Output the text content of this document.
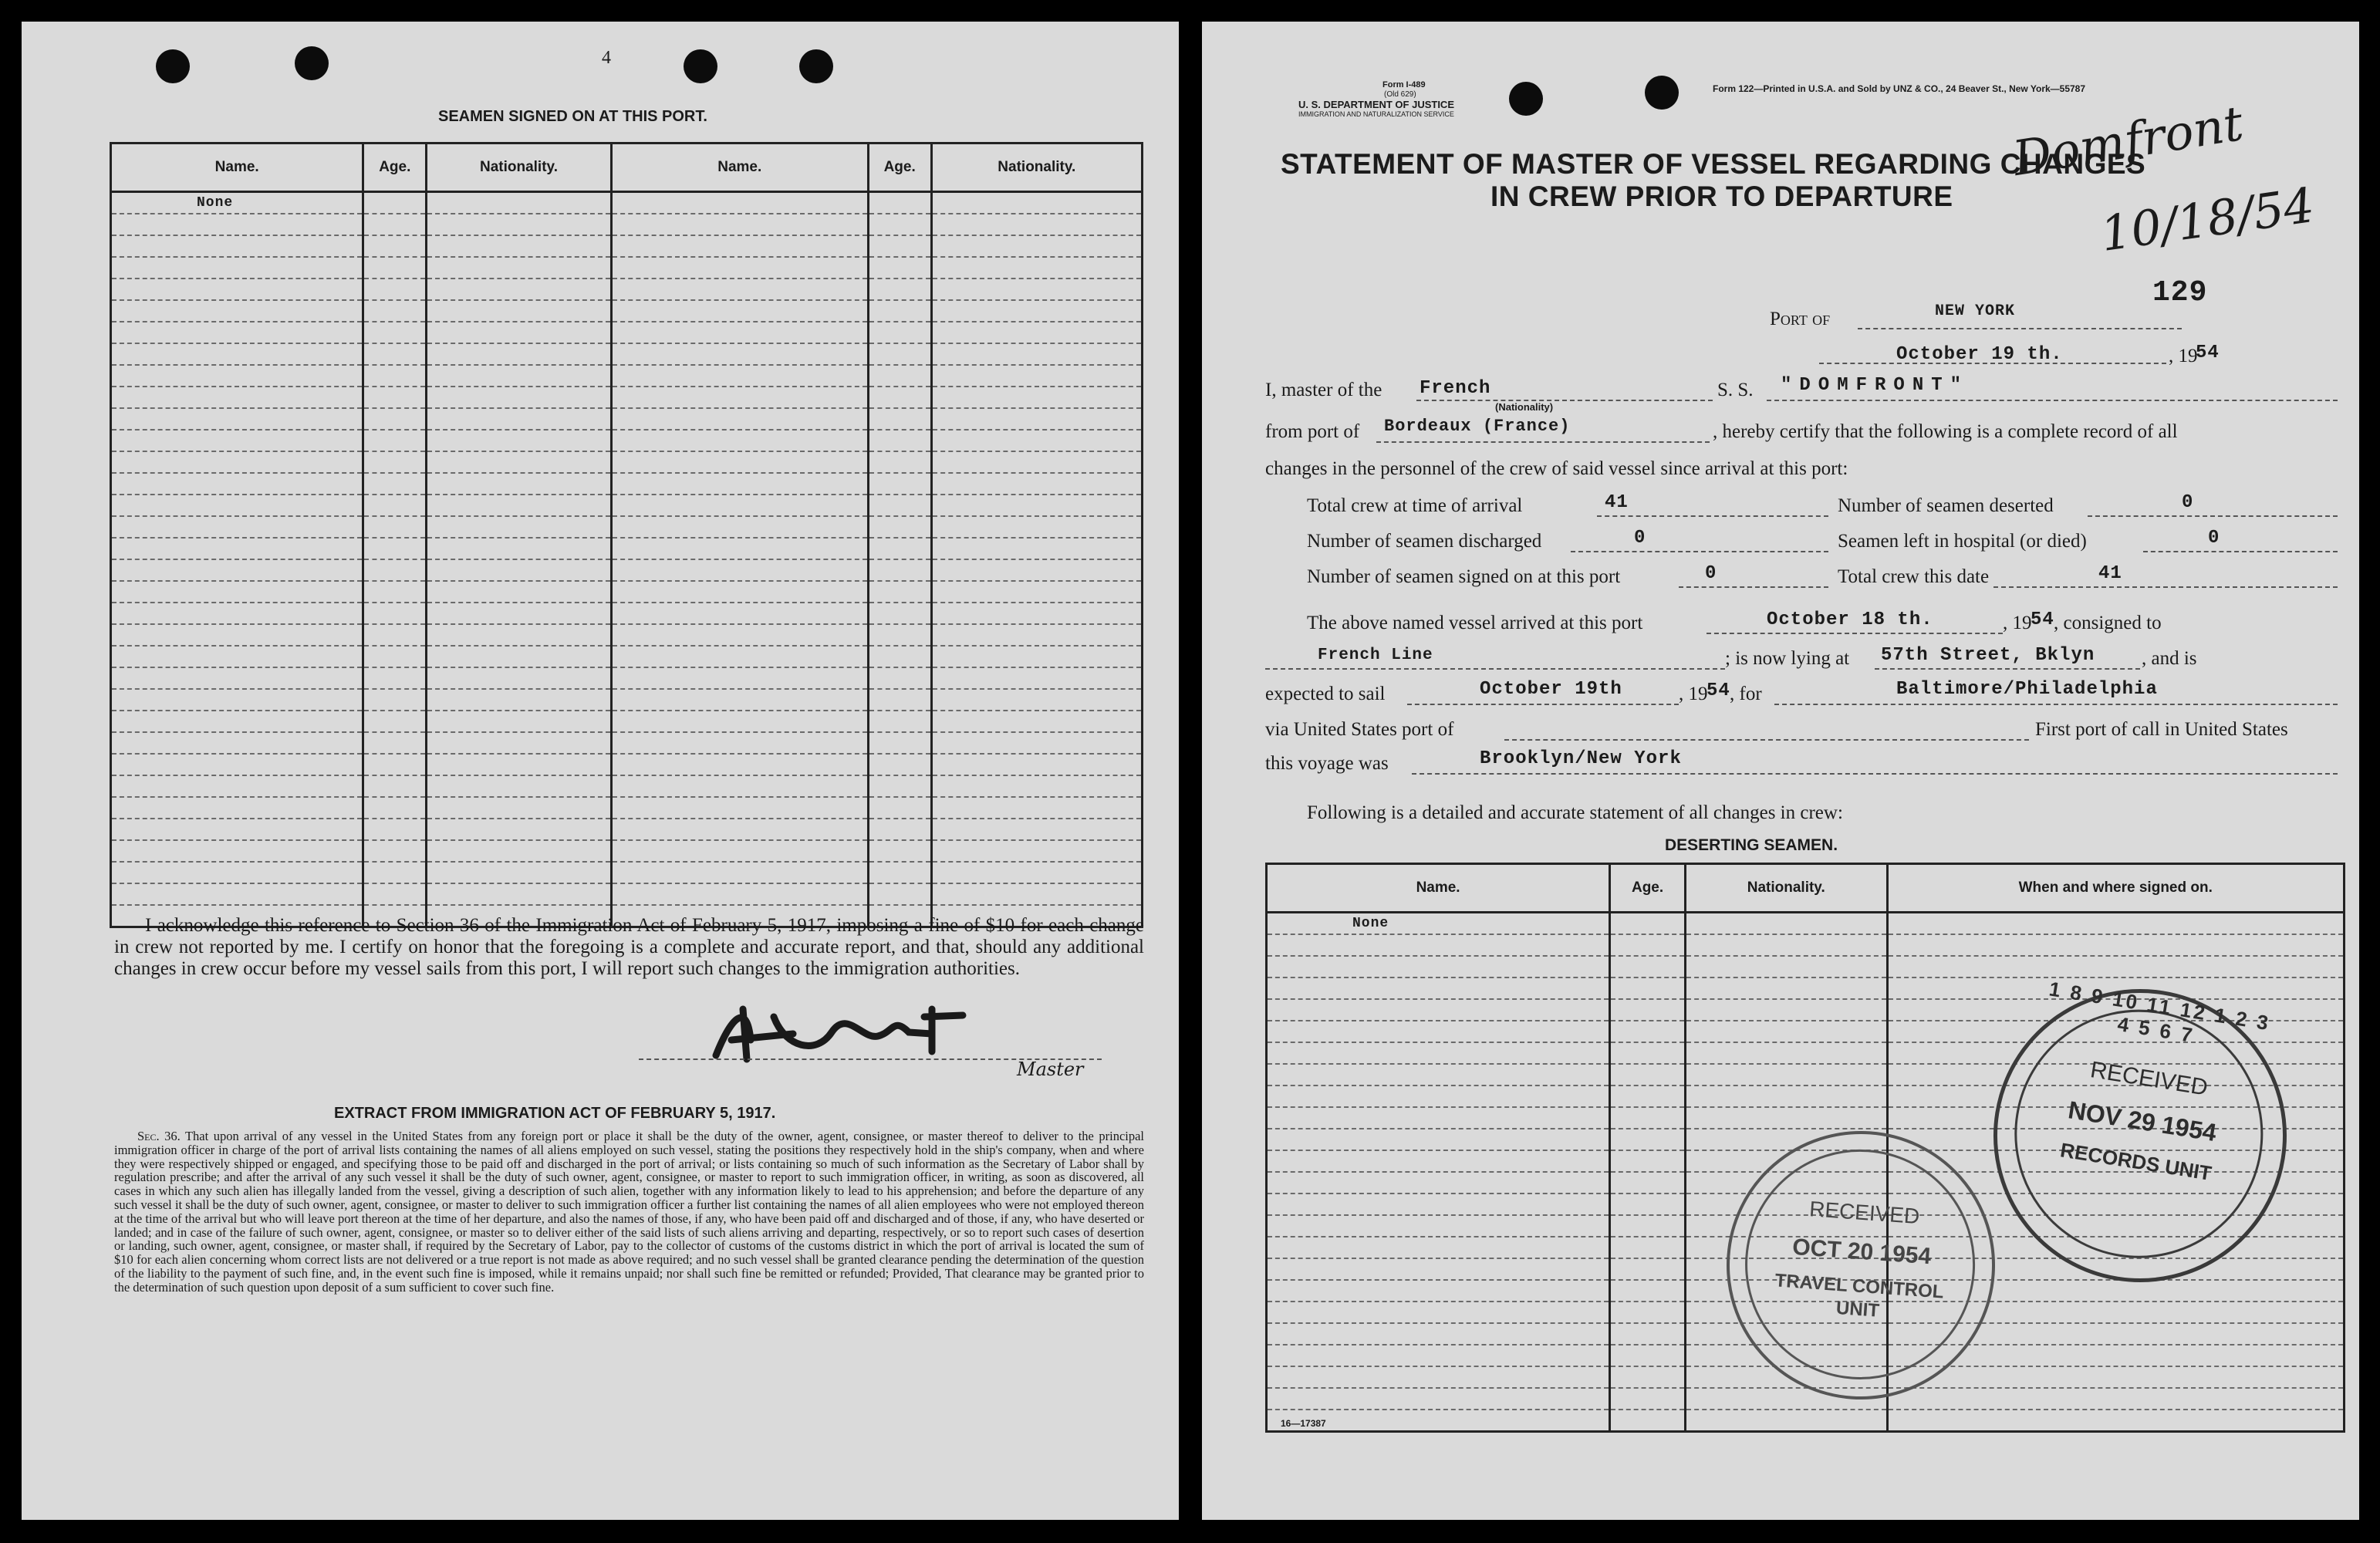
4
SEAMEN SIGNED ON AT THIS PORT.
Name.	Age.	Nationality.	Name.	Age.	Nationality.
None					

I acknowledge this reference to Section 36 of the Immigration Act of February 5, 1917, imposing a fine of $10 for each change in crew not reported by me. I certify on honor that the foregoing is a complete and accurate report, and that, should any additional changes in crew occur before my vessel sails from this port, I will report such changes to the immigration authorities.
Master
EXTRACT FROM IMMIGRATION ACT OF FEBRUARY 5, 1917.
Sec. 36. That upon arrival of any vessel in the United States from any foreign port or place it shall be the duty of the owner, agent, consignee, or master thereof to deliver to the principal immigration officer in charge of the port of arrival lists containing the names of all aliens employed on such vessel, stating the positions they respectively hold in the ship's company, when and where they were respectively shipped or engaged, and specifying those to be paid off and discharged in the port of arrival; or lists containing so much of such information as the Secretary of Labor shall by regulation prescribe; and after the arrival of any such vessel it shall be the duty of such owner, agent, consignee, or master to report to such immigration officer, in writing, as soon as discovered, all cases in which any such alien has illegally landed from the vessel, giving a description of such alien, together with any information likely to lead to his apprehension; and before the departure of any such vessel it shall be the duty of such owner, agent, consignee, or master to deliver to such immigration officer a further list containing the names of all alien employees who were not employed thereon at the time of the arrival but who will leave port thereon at the time of her departure, and also the names of those, if any, who have been paid off and discharged and of those, if any, who have deserted or landed; and in case of the failure of such owner, agent, consignee, or master so to deliver either of the said lists of such aliens arriving and departing, respectively, or so to report such cases of desertion or landing, such owner, agent, consignee, or master shall, if required by the Secretary of Labor, pay to the collector of customs of the customs district in which the port of arrival is located the sum of $10 for each alien concerning whom correct lists are not delivered or a true report is not made as above required; and no such vessel shall be granted clearance pending the determination of the question of the liability to the payment of such fine, and, in the event such fine is imposed, while it remains unpaid; nor shall such fine be remitted or refunded; Provided, That clearance may be granted prior to the determination of such question upon deposit of a sum sufficient to cover such fine.
Form I-489
(Old 629)
U. S. DEPARTMENT OF JUSTICE
IMMIGRATION AND NATURALIZATION SERVICE
Form 122—Printed in U.S.A. and Sold by UNZ & CO., 24 Beaver St., New York—55787
STATEMENT OF MASTER OF VESSEL REGARDING CHANGES
IN CREW PRIOR TO DEPARTURE
Domfront
10/18/54
129
Port of	NEW YORK
October 19 th.	, 19
54
I, master of the French
(Nationality)
S. S. "DOMFRONT"
from port of Bordeaux (France)	, hereby certify that the following is a complete record of all
changes in the personnel of the crew of said vessel since arrival at this port:
Total crew at time of arrival	41	Number of seamen deserted	0
Number of seamen discharged	0	Seamen left in hospital (or died)	0
Number of seamen signed on at this port	0	Total crew this date	41
The above named vessel arrived at this port	October 18 th.	, 19
54 , consigned to
French Line	; is now lying at 57th Street, Bklyn , and is
expected to sail	October 19th	, 19
54 , for	Baltimore/Philadelphia
via United States port of	First port of call in United States
this voyage was	Brooklyn/New York
Following is a detailed and accurate statement of all changes in crew:
DESERTING SEAMEN.
Name.	Age.	Nationality.	When and where signed on.
None			

16—17387
1 8 9 10 11 12 1 2 3 4 5 6 7
RECEIVED
NOV 29 1954
RECORDS UNIT
RECEIVED
OCT 20 1954
TRAVEL CONTROL
UNIT
